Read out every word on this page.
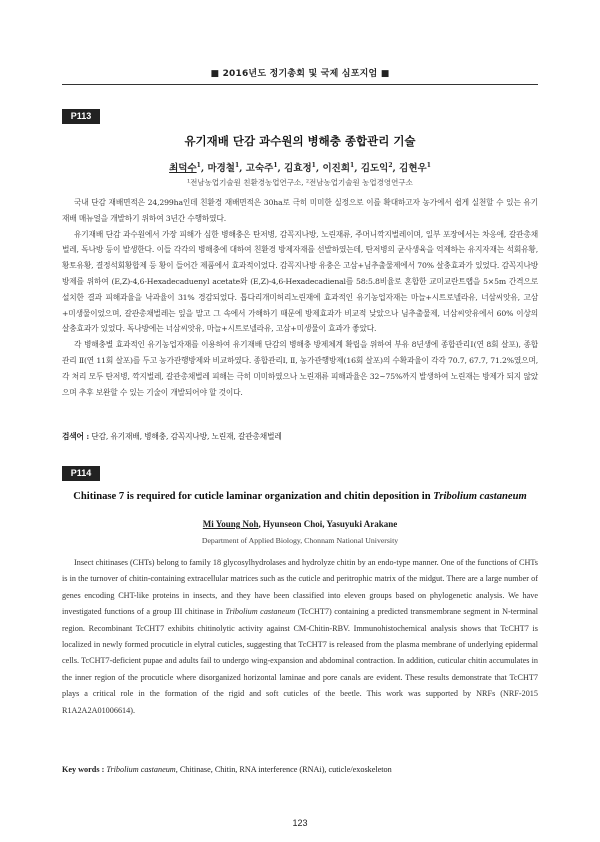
■ 2016년도 정기총회 및 국제 심포지엄 ■
P113
유기재배 단감 과수원의 병해충 종합관리 기술
최덕수$^1$, 마경철$^1$, 고숙주$^1$, 김효정$^1$, 이진희$^1$, 김도익$^2$, 김현우$^1$
¹전남농업기술원 친환경농업연구소, ²전남농업기술원 농업경영연구소

국내 단감 재배면적은 24,299ha인데 친환경 재배면적은 30ha로 극히 미미한 실정으로 이를 확대하고자 농가에서 쉽게 실천할 수 있는 유기재배 매뉴얼을 개발하기 위하여 3년간 수행하였다.

유기재배 단감 과수원에서 가장 피해가 심한 병해충은 탄저병, 감꼭지나방, 노린재류, 주머니깍지벌레이며, 일부 포장에서는 차응애, 갈관총채벌레, 독나방 등이 발생한다. 이들 각각의 병해충에 대하여 친환경 방제자재를 선발하였는데, 탄저병의 균사생육을 억제하는 유지자재는 석회유황, 황토유황, 결정석회황합제 등 황이 들어간 제품에서 효과적이었다. 감꼭지나방 유충은 고삼+님추출물제에서 70% 살충효과가 있었다. 감꼭지나방 방제를 위하여 (E,Z)-4,6-Hexadecaduenyl acetate와 (E,Z)-4,6-Hexadecadienal를 58:5.8비율로 혼합한 교미교란트랩을 5×5m 간격으로 설치한 결과 피해과율을 낙과율이 31% 경감되었다. 톱다리개미허리노린재에 효과적인 유기농업자재는 마늘+시트로넬라유, 너삼씨앗유, 고삼+미생물이었으며, 갈관총채벌레는 잎을 말고 그 속에서 가해하기 때문에 방제효과가 비교적 낮았으나 님추출물제, 너삼씨앗유에서 60% 이상의 살충효과가 있었다. 독나방에는 너삼씨앗유, 마늘+시트로넬라유, 고삼+미생물이 효과가 좋았다.

각 병해충별 효과적인 유기농업자재를 이용하여 유기재배 단감의 병해충 방제체계 확립을 위하여 부유 8년생에 종합관리Ⅰ(연 8회 살포), 종합관리 Ⅱ(연 11회 살포)를 두고 농가관행방제와 비교하였다. 종합관리Ⅰ, Ⅱ, 농가관행방제(16회 살포)의 수확과율이 각각 70.7, 67.7, 71.2%였으며, 각 처리 모두 탄저병, 깍지벌레, 갈관총채벌레 피해는 극히 미미하였으나 노린재류 피해과율은 32~75%까지 발생하여 노린재는 방제가 되지 않았으며 추후 보완할 수 있는 기술이 개발되어야 할 것이다.

검색어 : 단감, 유기재배, 병해충, 감꼭지나방, 노린재, 갈관총채벌레
P114
Chitinase 7 is required for cuticle laminar organization and chitin deposition in Tribolium castaneum
Mi Young Noh, Hyunseon Choi, Yasuyuki Arakane
Department of Applied Biology, Chonnam National University

Insect chitinases (CHTs) belong to family 18 glycosylhydrolases and hydrolyze chitin by an endo-type manner. One of the functions of CHTs is in the turnover of chitin-containing extracellular matrices such as the cuticle and peritrophic matrix of the midgut. There are a large number of genes encoding CHT-like proteins in insects, and they have been classified into eleven groups based on phylogenetic analysis. We have investigated functions of a group III chitinase in Tribolium castaneum (TcCHT7) containing a predicted transmembrane segment in N-terminal region. Recombinant TcCHT7 exhibits chitinolytic activity against CM-Chitin-RBV. Immunohistochemical analysis shows that TcCHT7 is localized in newly formed procuticle in elytral cuticles, suggesting that TcCHT7 is released from the plasma membrane of underlying epidermal cells. TcCHT7-deficient pupae and adults fail to undergo wing-expansion and abdominal contraction. In addition, cuticular chitin accumulates in the inner region of the procuticle where disorganized horizontal laminae and pore canals are evident. These results demonstrate that TcCHT7 plays a critical role in the formation of the rigid and soft cuticles of the beetle. This work was supported by NRFs (NRF-2015 R1A2A2A01006614).

Key words : Tribolium castaneum, Chitinase, Chitin, RNA interference (RNAi), cuticle/exoskeleton
123
